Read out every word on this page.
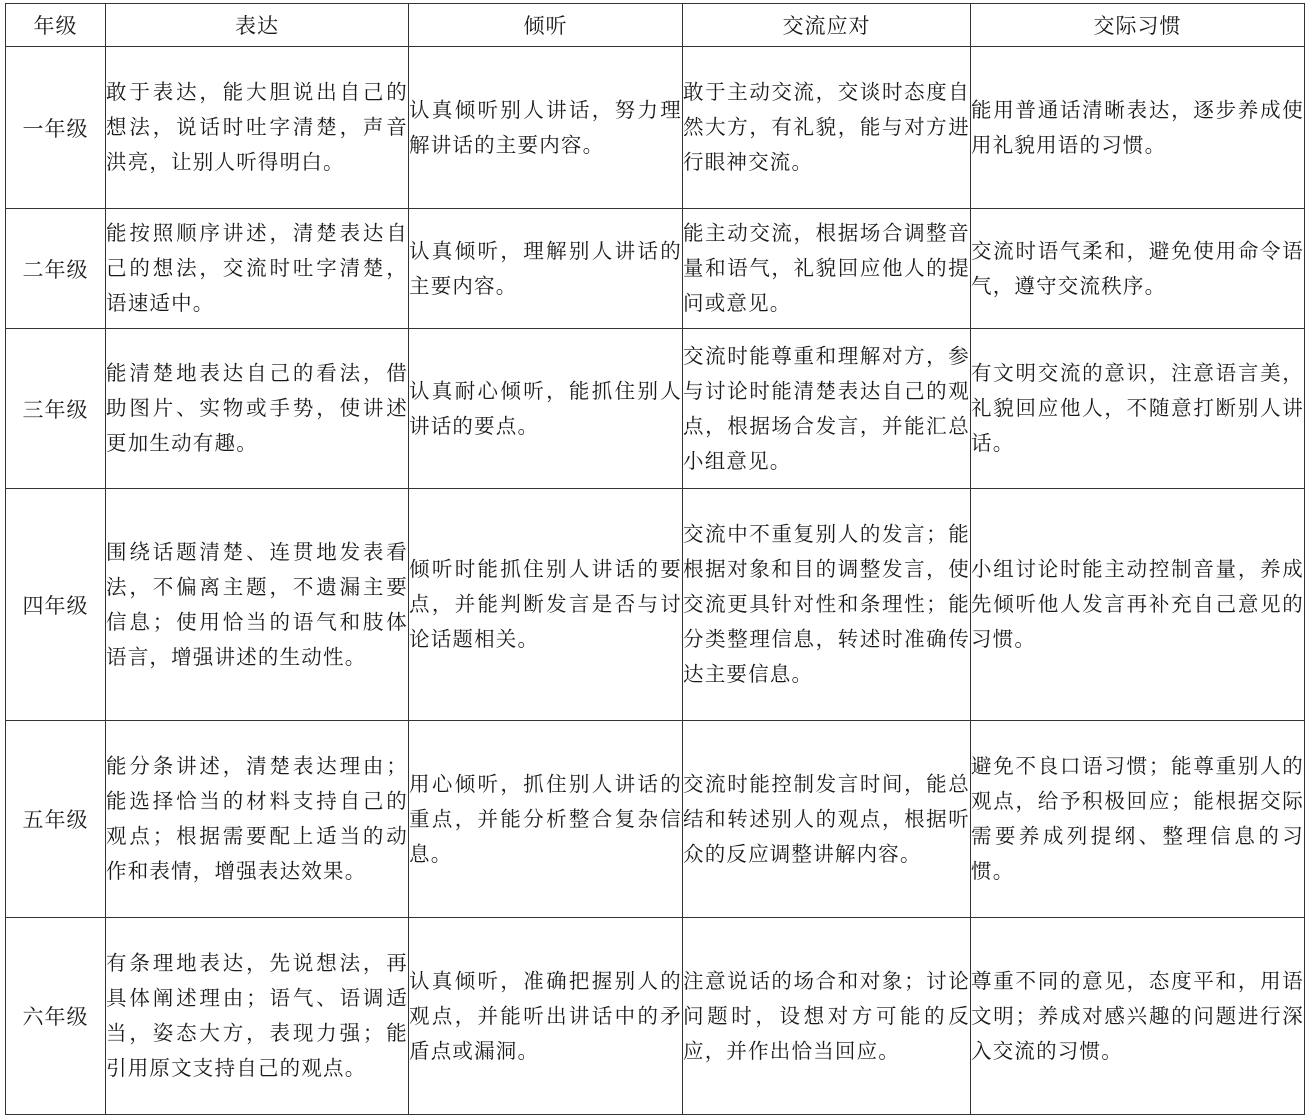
年级	表达	倾听	交流应对	交际习惯
一年级	敢于表达，能大胆说出自己的想法，说话时吐字清楚，声音洪亮，让别人听得明白。	认真倾听别人讲话，努力理解讲话的主要内容。	敢于主动交流，交谈时态度自然大方，有礼貌，能与对方进行眼神交流。	能用普通话清晰表达，逐步养成使用礼貌用语的习惯。
二年级	能按照顺序讲述，清楚表达自己的想法，交流时吐字清楚，语速适中。	认真倾听，理解别人讲话的主要内容。	能主动交流，根据场合调整音量和语气，礼貌回应他人的提问或意见。	交流时语气柔和，避免使用命令语气，遵守交流秩序。
三年级	能清楚地表达自己的看法，借助图片、实物或手势，使讲述更加生动有趣。	认真耐心倾听，能抓住别人讲话的要点。	交流时能尊重和理解对方，参与讨论时能清楚表达自己的观点，根据场合发言，并能汇总小组意见。	有文明交流的意识，注意语言美，礼貌回应他人，不随意打断别人讲话。
四年级	围绕话题清楚、连贯地发表看法，不偏离主题，不遗漏主要信息；使用恰当的语气和肢体语言，增强讲述的生动性。	倾听时能抓住别人讲话的要点，并能判断发言是否与讨论话题相关。	交流中不重复别人的发言；能根据对象和目的调整发言，使交流更具针对性和条理性；能分类整理信息，转述时准确传达主要信息。	小组讨论时能主动控制音量，养成先倾听他人发言再补充自己意见的习惯。
五年级	能分条讲述，清楚表达理由；能选择恰当的材料支持自己的观点；根据需要配上适当的动作和表情，增强表达效果。	用心倾听，抓住别人讲话的重点，并能分析整合复杂信息。	交流时能控制发言时间，能总结和转述别人的观点，根据听众的反应调整讲解内容。	避免不良口语习惯；能尊重别人的观点，给予积极回应；能根据交际需要养成列提纲、整理信息的习惯。
六年级	有条理地表达，先说想法，再具体阐述理由；语气、语调适当，姿态大方，表现力强；能引用原文支持自己的观点。	认真倾听，准确把握别人的观点，并能听出讲话中的矛盾点或漏洞。	注意说话的场合和对象；讨论问题时，设想对方可能的反应，并作出恰当回应。	尊重不同的意见，态度平和，用语文明；养成对感兴趣的问题进行深入交流的习惯。
